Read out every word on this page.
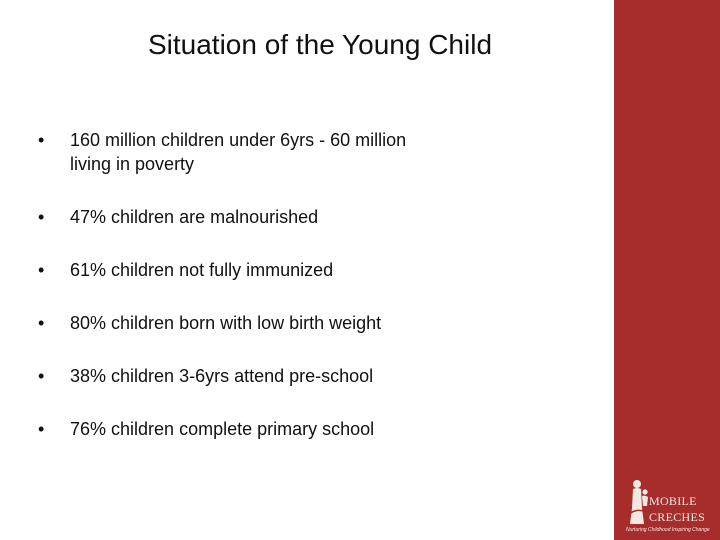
Situation of the Young Child
•	160 million children under 6yrs - 60 million
living in poverty
•	47% children are malnourished
•	61% children not fully immunized
•	80% children born with low birth weight
•	38% children 3-6yrs attend pre-school
•	76% children complete primary school
MOBILE
CRECHES
Nurturing Childhood Inspiring Change
